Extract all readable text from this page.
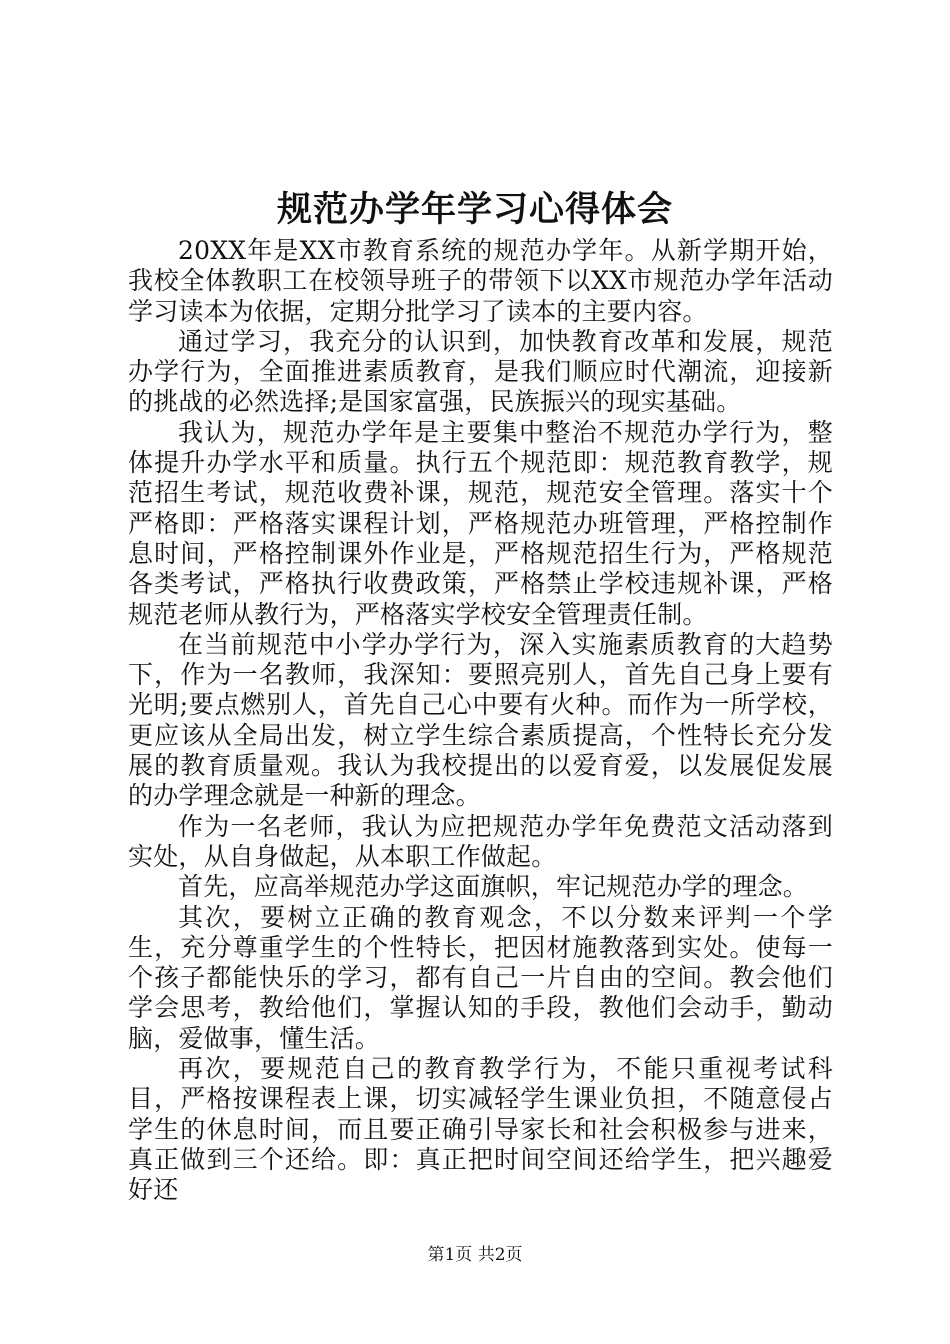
规范办学年学习心得体会

20XX年是XX市教育系统的规范办学年。从新学期开始，我校全体教职工在校领导班子的带领下以XX市规范办学年活动学习读本为依据，定期分批学习了读本的主要内容。

通过学习，我充分的认识到，加快教育改革和发展，规范办学行为，全面推进素质教育，是我们顺应时代潮流，迎接新的挑战的必然选择;是国家富强，民族振兴的现实基础。

我认为，规范办学年是主要集中整治不规范办学行为，整体提升办学水平和质量。执行五个规范即：规范教育教学，规范招生考试，规范收费补课，规范，规范安全管理。落实十个严格即：严格落实课程计划，严格规范办班管理，严格控制作息时间，严格控制课外作业是，严格规范招生行为，严格规范各类考试，严格执行收费政策，严格禁止学校违规补课，严格规范老师从教行为，严格落实学校安全管理责任制。

在当前规范中小学办学行为，深入实施素质教育的大趋势下，作为一名教师，我深知：要照亮别人，首先自己身上要有光明;要点燃别人，首先自己心中要有火种。而作为一所学校，更应该从全局出发，树立学生综合素质提高，个性特长充分发展的教育质量观。我认为我校提出的以爱育爱，以发展促发展的办学理念就是一种新的理念。

作为一名老师，我认为应把规范办学年免费范文活动落到实处，从自身做起，从本职工作做起。

首先，应高举规范办学这面旗帜，牢记规范办学的理念。

其次，要树立正确的教育观念，不以分数来评判一个学生，充分尊重学生的个性特长，把因材施教落到实处。使每一个孩子都能快乐的学习，都有自己一片自由的空间。教会他们学会思考，教给他们，掌握认知的手段，教他们会动手，勤动脑，爱做事，懂生活。

再次，要规范自己的教育教学行为，不能只重视考试科目，严格按课程表上课，切实减轻学生课业负担，不随意侵占学生的休息时间，而且要正确引导家长和社会积极参与进来，真正做到三个还给。即：真正把时间空间还给学生，把兴趣爱好还

第1页 共2页
